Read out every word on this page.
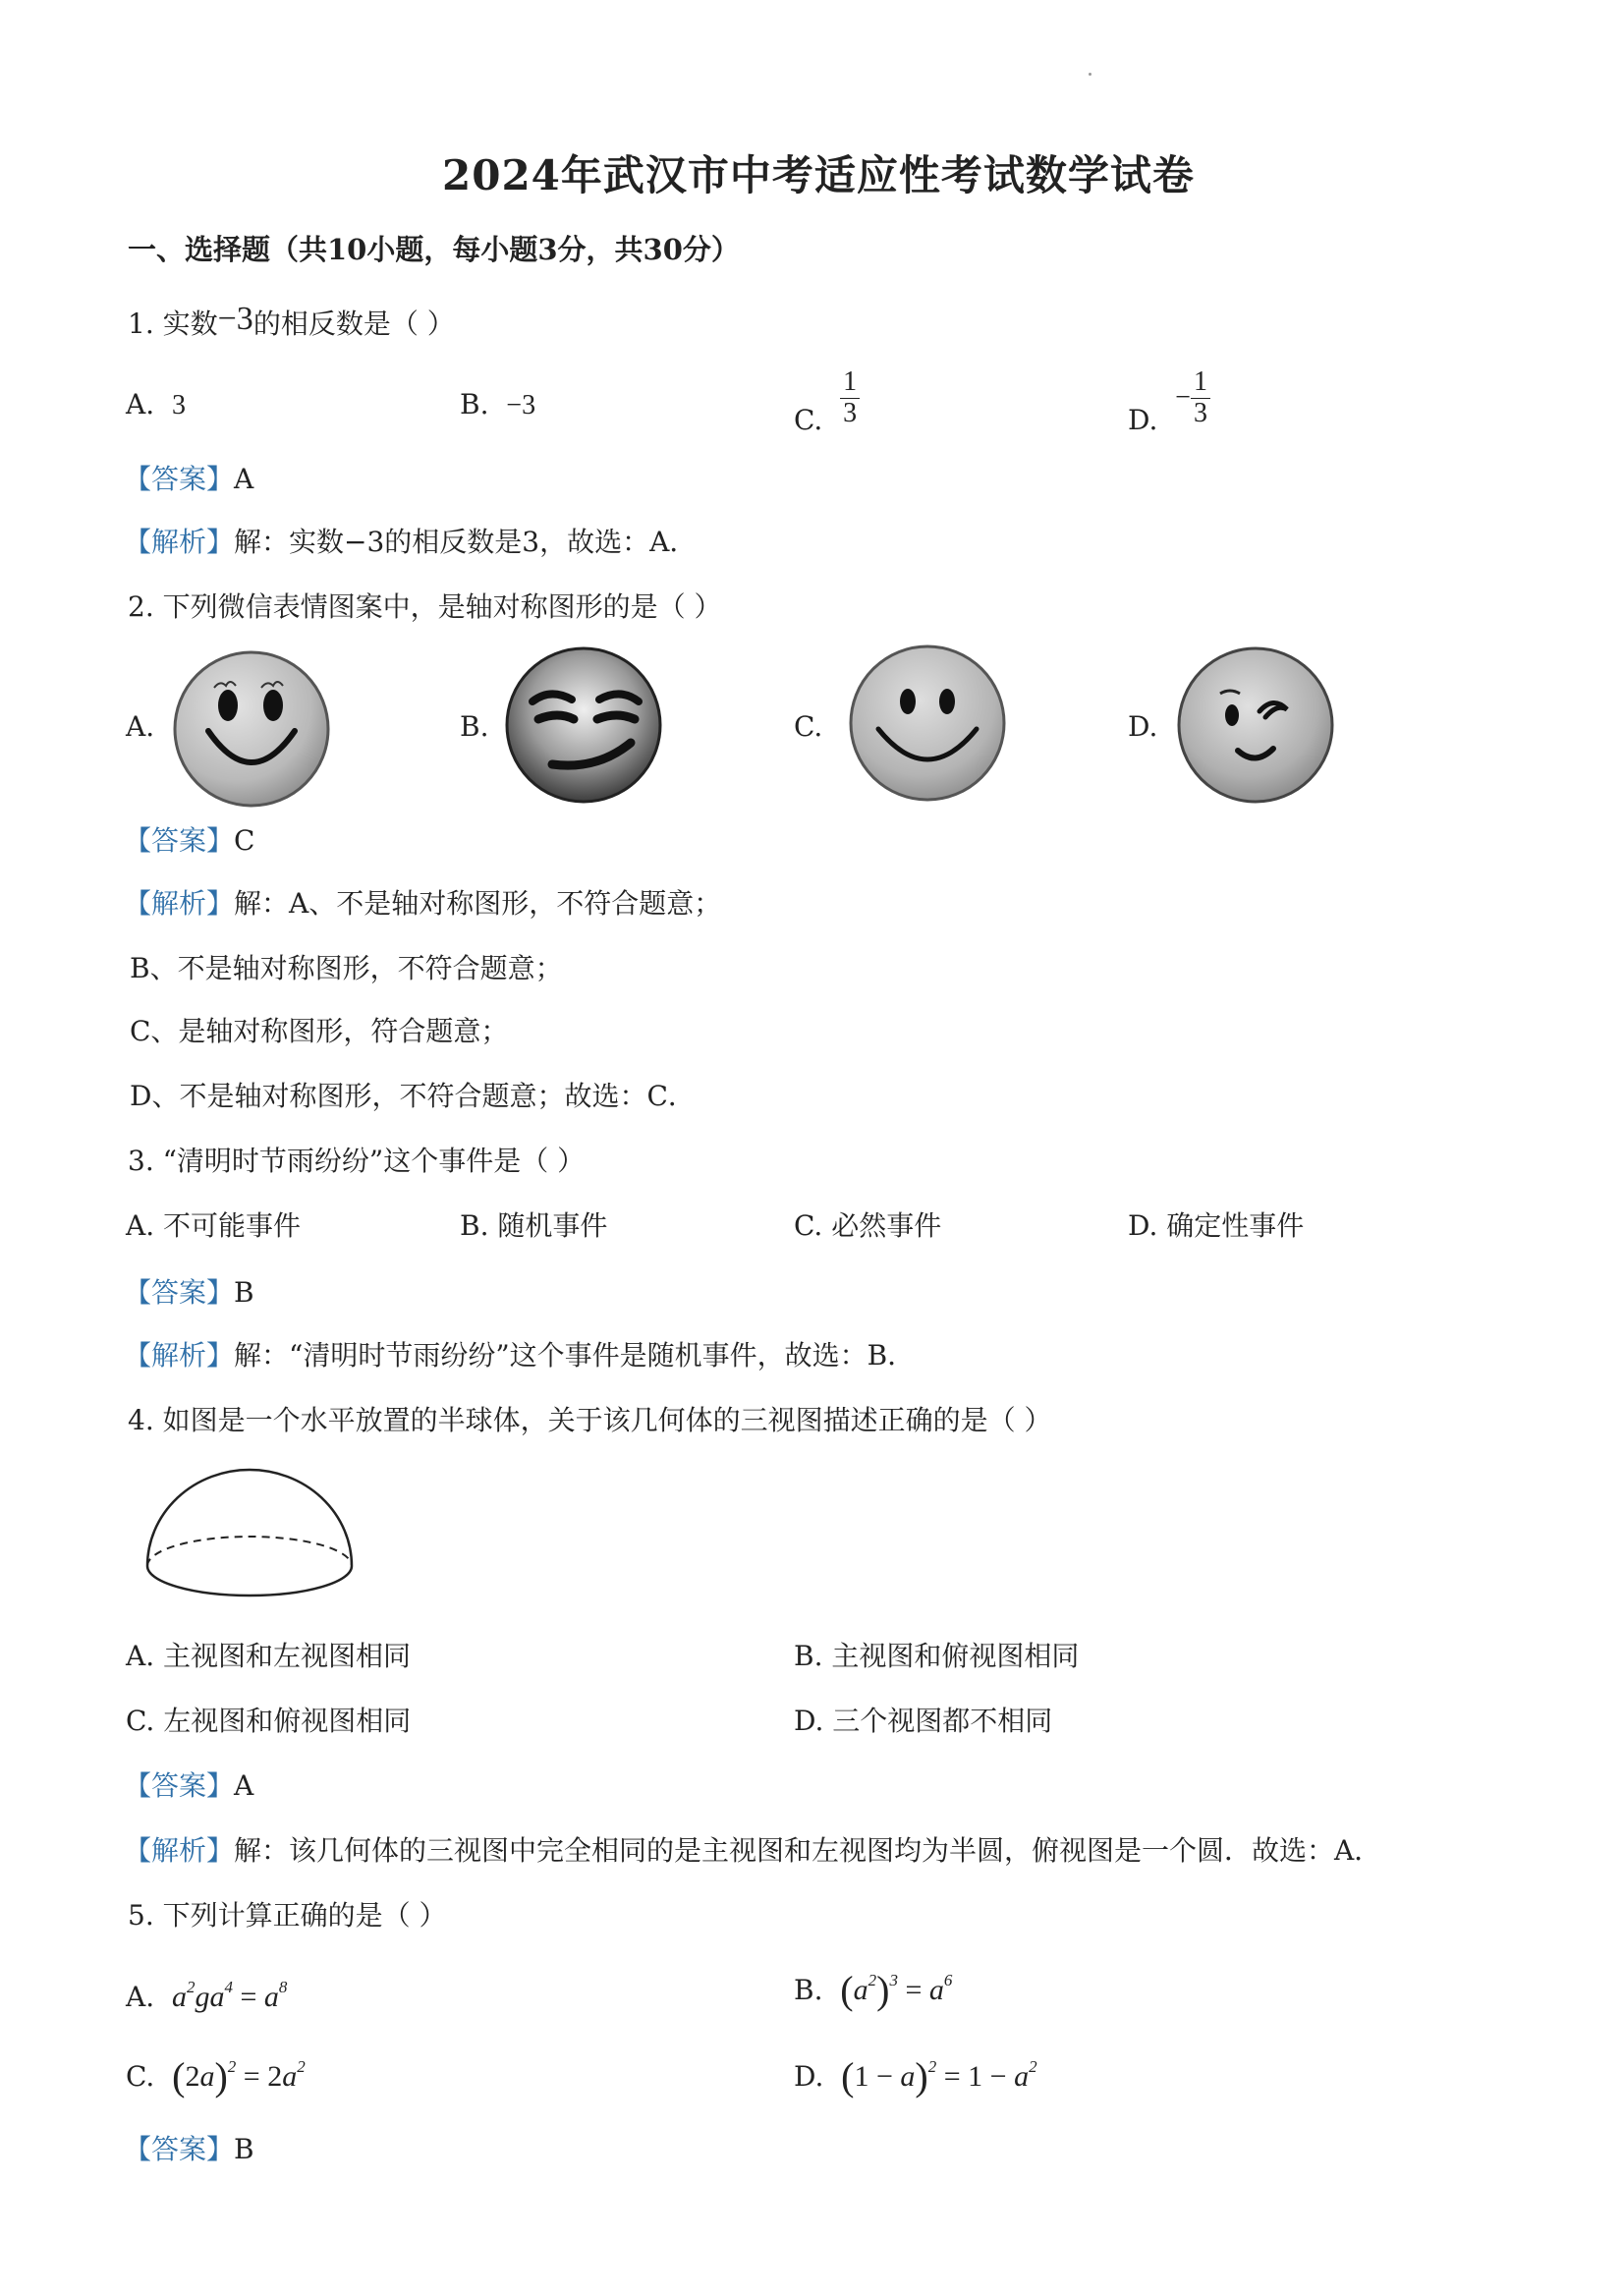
2024年武汉市中考适应性考试数学试卷
一、选择题（共10小题，每小题3分，共30分）
1. 实数−3的相反数是（ ）
A. 3	B. −3	C. $\frac{1}{3}$	D.  − $\frac{1}{3}$
【答案】A
【解析】解：实数−3的相反数是3，故选：A．
2. 下列微信表情图案中，是轴对称图形的是（ ）
A.	B.	C.	D.
【答案】C
【解析】解：A、不是轴对称图形，不符合题意；
B、不是轴对称图形，不符合题意；
C、是轴对称图形，符合题意；
D、不是轴对称图形，不符合题意；故选：C．
3. “清明时节雨纷纷”这个事件是（ ）
A. 不可能事件	B. 随机事件	C. 必然事件	D. 确定性事件
【答案】B
【解析】解：“清明时节雨纷纷”这个事件是随机事件，故选：B．
4. 如图是一个水平放置的半球体，关于该几何体的三视图描述正确的是（ ）
A. 主视图和左视图相同	B. 主视图和俯视图相同
C. 左视图和俯视图相同	D. 三个视图都不相同
【答案】A
【解析】解：该几何体的三视图中完全相同的是主视图和左视图均为半圆，俯视图是一个圆．故选：A．
5. 下列计算正确的是（ ）
A. $a^2ga^4 = a^8$	B. $(a^2)^3 = a^6$
C. $(2a)^2 = 2a^2$	D. $(1 - a)^2 = 1 - a^2$
【答案】B
